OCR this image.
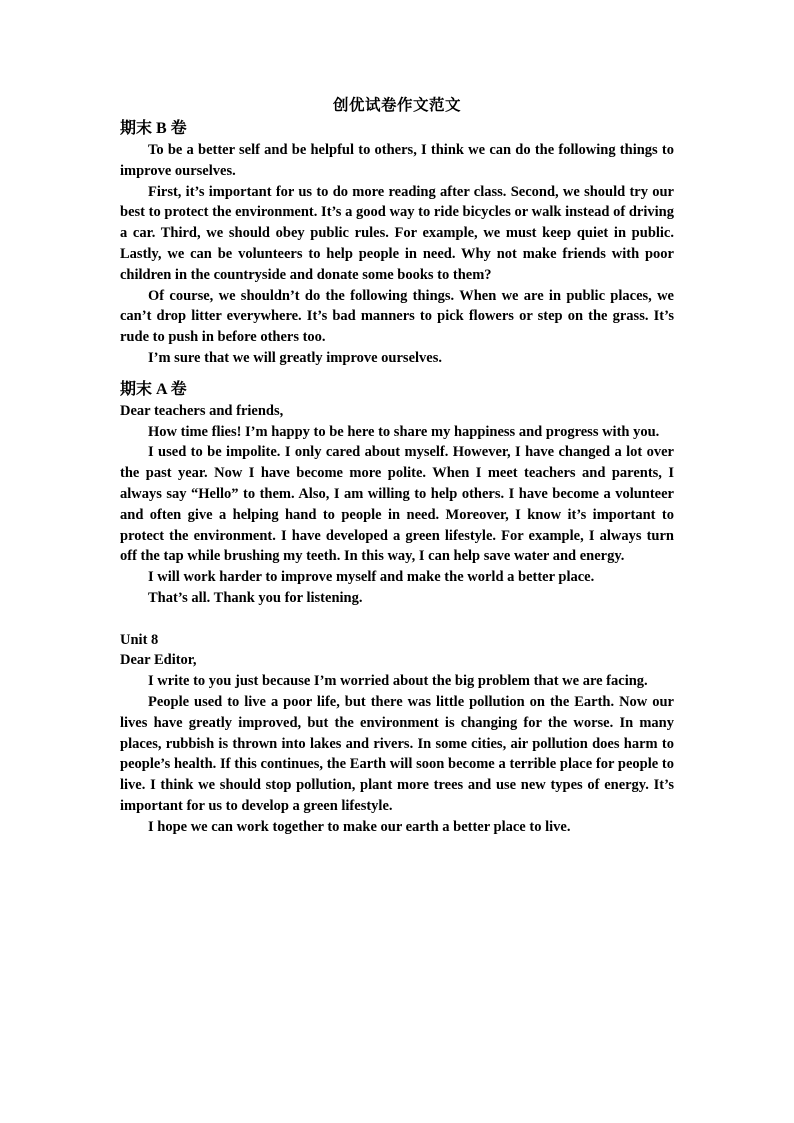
创优试卷作文范文
期末 B 卷

To be a better self and be helpful to others, I think we can do the following things to improve ourselves.

First, it’s important for us to do more reading after class. Second, we should try our best to protect the environment. It’s a good way to ride bicycles or walk instead of driving a car. Third, we should obey public rules. For example, we must keep quiet in public. Lastly, we can be volunteers to help people in need. Why not make friends with poor children in the countryside and donate some books to them?

Of course, we shouldn’t do the following things. When we are in public places, we can’t drop litter everywhere. It’s bad manners to pick flowers or step on the grass. It’s rude to push in before others too.

I’m sure that we will greatly improve ourselves.

期末 A 卷
Dear teachers and friends,

How time flies! I’m happy to be here to share my happiness and progress with you.

I used to be impolite. I only cared about myself. However, I have changed a lot over the past year. Now I have become more polite. When I meet teachers and parents, I always say “Hello” to them. Also, I am willing to help others. I have become a volunteer and often give a helping hand to people in need. Moreover, I know it’s important to protect the environment. I have developed a green lifestyle. For example, I always turn off the tap while brushing my teeth. In this way, I can help save water and energy.

I will work harder to improve myself and make the world a better place.

That’s all. Thank you for listening.

Unit 8
Dear Editor,

I write to you just because I’m worried about the big problem that we are facing.

People used to live a poor life, but there was little pollution on the Earth. Now our lives have greatly improved, but the environment is changing for the worse. In many places, rubbish is thrown into lakes and rivers. In some cities, air pollution does harm to people’s health. If this continues, the Earth will soon become a terrible place for people to live. I think we should stop pollution, plant more trees and use new types of energy. It’s important for us to develop a green lifestyle.

I hope we can work together to make our earth a better place to live.
